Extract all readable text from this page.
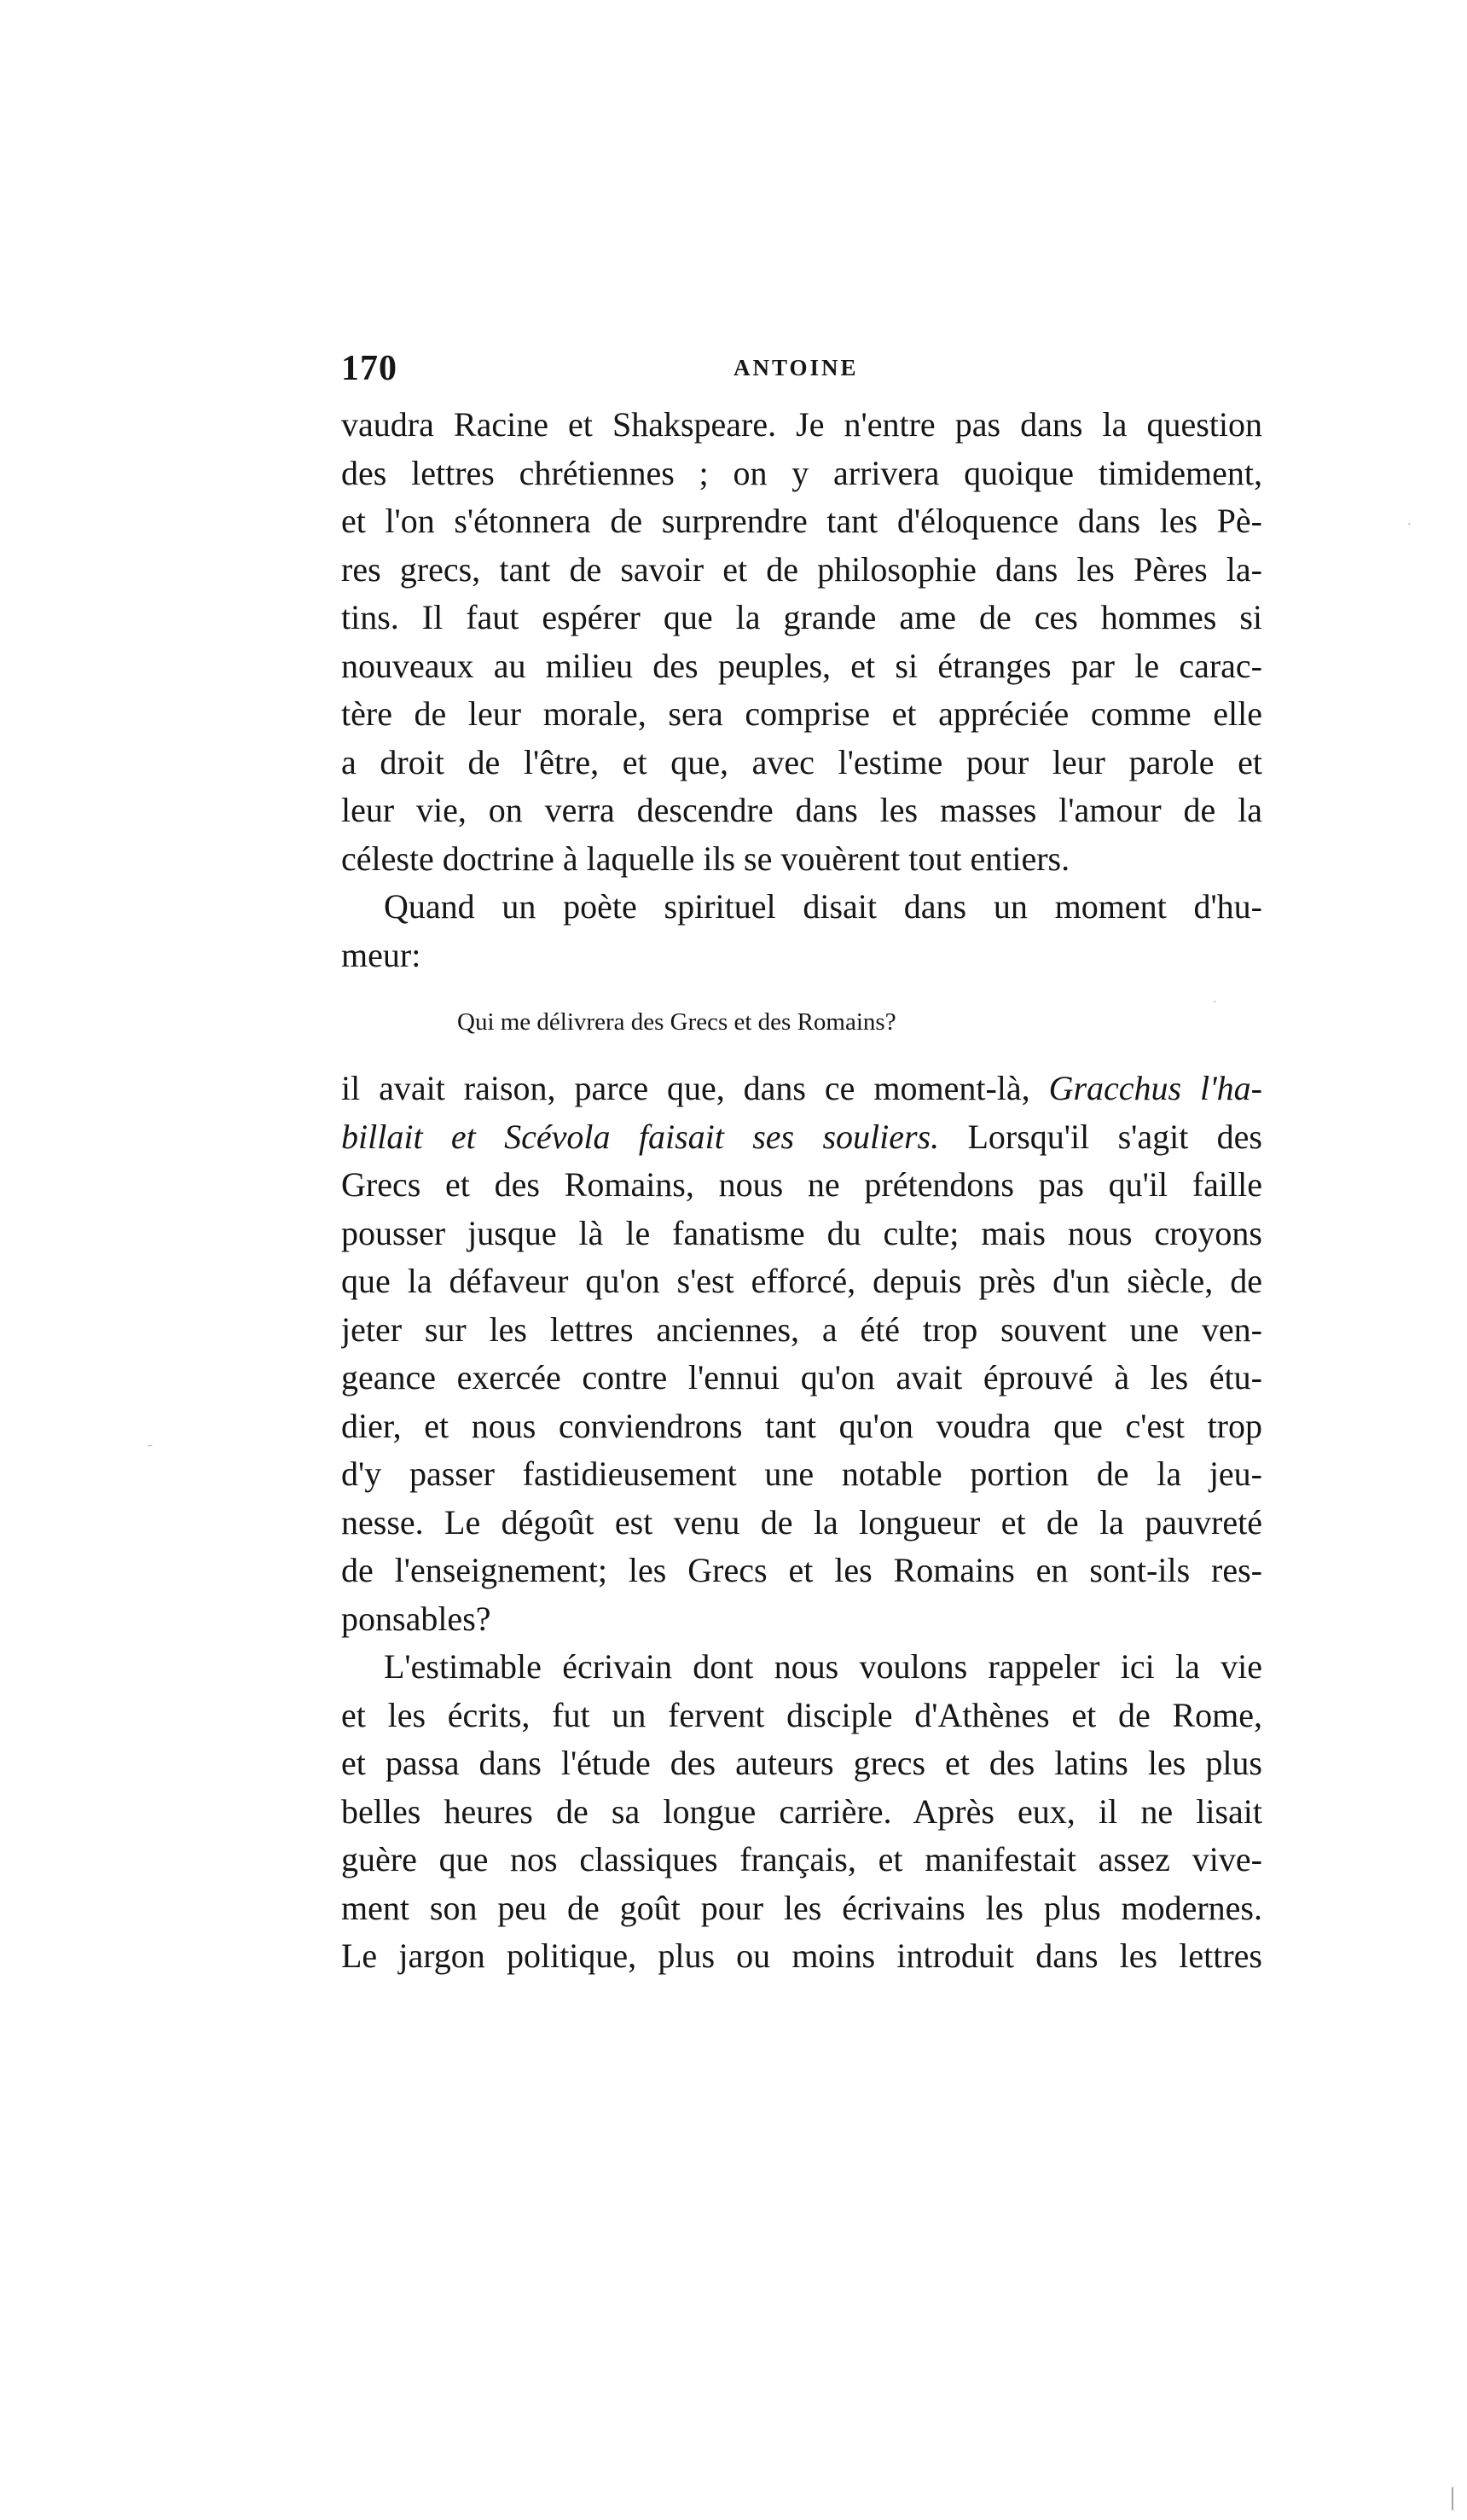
170	ANTOINE
vaudra Racine et Shakspeare. Je n'entre pas dans la question
des lettres chrétiennes ; on y arrivera quoique timidement,
et l'on s'étonnera de surprendre tant d'éloquence dans les Pè-
res grecs, tant de savoir et de philosophie dans les Pères la-
tins. Il faut espérer que la grande ame de ces hommes si
nouveaux au milieu des peuples, et si étranges par le carac-
tère de leur morale, sera comprise et appréciée comme elle
a droit de l'être, et que, avec l'estime pour leur parole et
leur vie, on verra descendre dans les masses l'amour de la
céleste doctrine à laquelle ils se vouèrent tout entiers.
Quand un poète spirituel disait dans un moment d'hu-
meur:
Qui me délivrera des Grecs et des Romains?
il avait raison, parce que, dans ce moment-là, Gracchus l'ha-
billait et Scévola faisait ses souliers. Lorsqu'il s'agit des
Grecs et des Romains, nous ne prétendons pas qu'il faille
pousser jusque là le fanatisme du culte; mais nous croyons
que la défaveur qu'on s'est efforcé, depuis près d'un siècle, de
jeter sur les lettres anciennes, a été trop souvent une ven-
geance exercée contre l'ennui qu'on avait éprouvé à les étu-
dier, et nous conviendrons tant qu'on voudra que c'est trop
d'y passer fastidieusement une notable portion de la jeu-
nesse. Le dégoût est venu de la longueur et de la pauvreté
de l'enseignement; les Grecs et les Romains en sont-ils res-
ponsables?
L'estimable écrivain dont nous voulons rappeler ici la vie
et les écrits, fut un fervent disciple d'Athènes et de Rome,
et passa dans l'étude des auteurs grecs et des latins les plus
belles heures de sa longue carrière. Après eux, il ne lisait
guère que nos classiques français, et manifestait assez vive-
ment son peu de goût pour les écrivains les plus modernes.
Le jargon politique, plus ou moins introduit dans les lettres
·
·
⁻
|
